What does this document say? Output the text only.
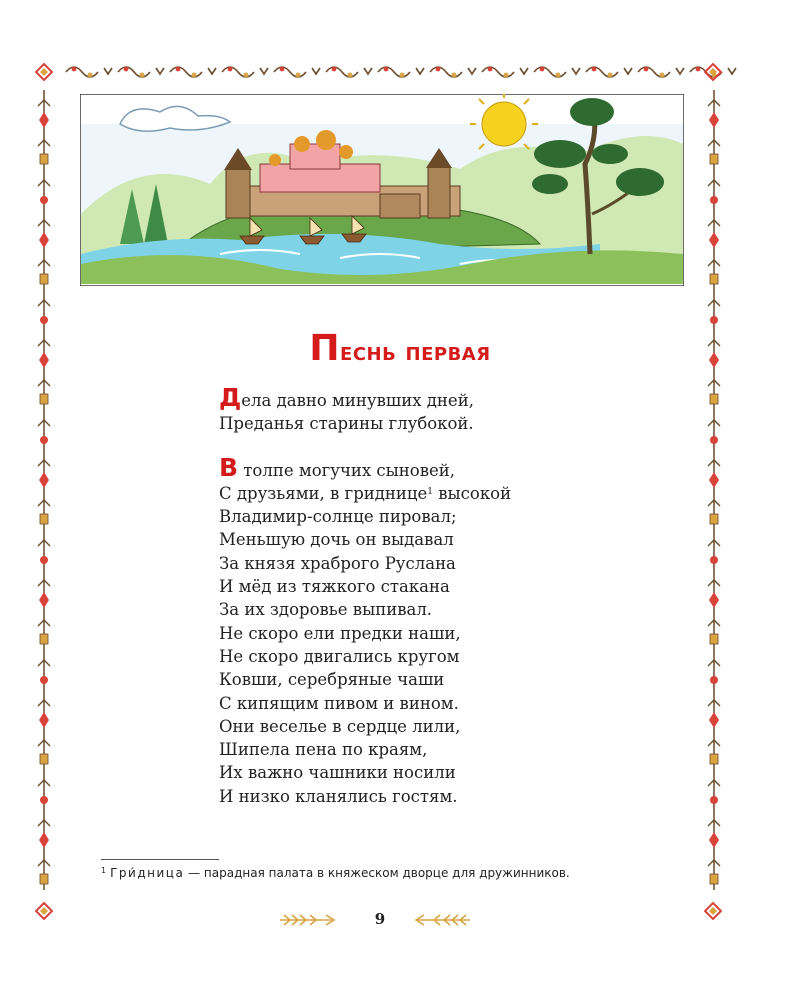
Песнь первая
Дела давно минувших дней,
Преданья старины глубокой.
В толпе могучих сыновей,
С друзьями, в гриднице$^1$ высокой
Владимир-солнце пировал;
Меньшую дочь он выдавал
За князя храброго Руслана
И мёд из тяжкого стакана
За их здоровье выпивал.
Не скоро ели предки наши,
Не скоро двигались кругом
Ковши, серебряные чаши
С кипящим пивом и вином.
Они веселье в сердце лили,
Шипела пена по краям,
Их важно чашники носили
И низко кланялись гостям.
$^1$ Гри́дница — парадная палата в княжеском дворце для дружинников.
9
